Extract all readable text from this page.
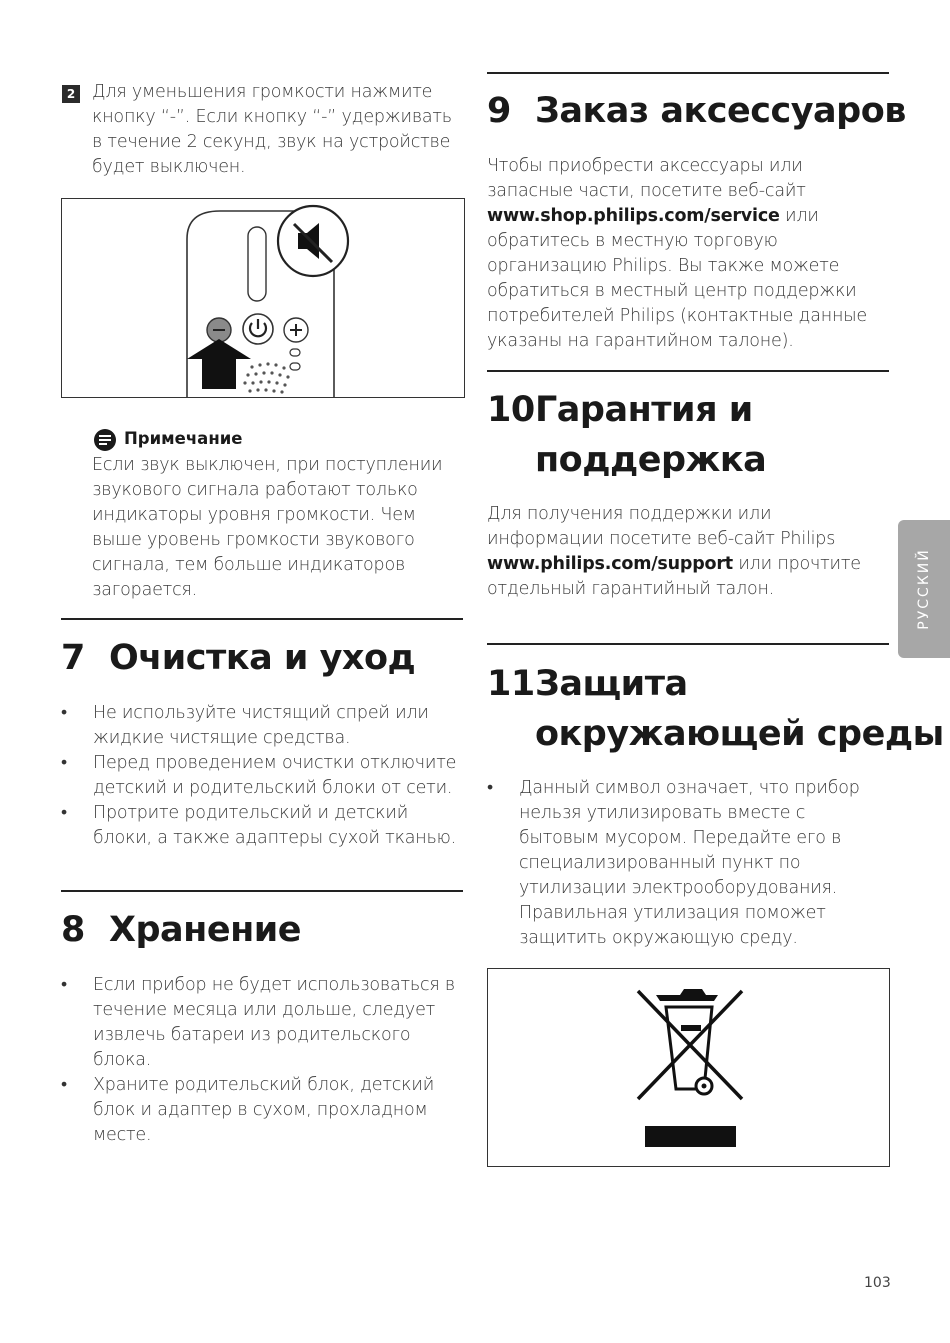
2 Для уменьшения громкости нажмите кнопку “-”. Если кнопку “-” удерживать в течение 2 секунд, звук на устройстве будет выключен.
Примечание
Если звук выключен, при поступлении звукового сигнала работают только индикаторы уровня громкости. Чем выше уровень громкости звукового сигнала, тем больше индикаторов загорается.
7 Очистка и уход
• Не используйте чистящий спрей или жидкие чистящие средства.
• Перед проведением очистки отключите детский и родительский блоки от сети.
• Протрите родительский и детский блоки, а также адаптеры сухой тканью.
8 Хранение
• Если прибор не будет использоваться в течение месяца или дольше, следует извлечь батареи из родительского блока.
• Храните родительский блок, детский блок и адаптер в сухом, прохладном месте.
9 Заказ аксессуаров
Чтобы приобрести аксессуары или запасные части, посетите веб-сайт www.shop.philips.com/service или обратитесь в местную торговую организацию Philips. Вы также можете обратиться в местный центр поддержки потребителей Philips (контактные данные указаны на гарантийном талоне).
10 Гарантия и
поддержка
Для получения поддержки или информации посетите веб-сайт Philips www.philips.com/support или прочтите отдельный гарантийный талон.
11 Защита
окружающей среды
• Данный символ означает, что прибор нельзя утилизировать вместе с бытовым мусором. Передайте его в специализированный пункт по утилизации электрооборудования.
Правильная утилизация поможет защитить окружающую среду.
РУССКИЙ
103
